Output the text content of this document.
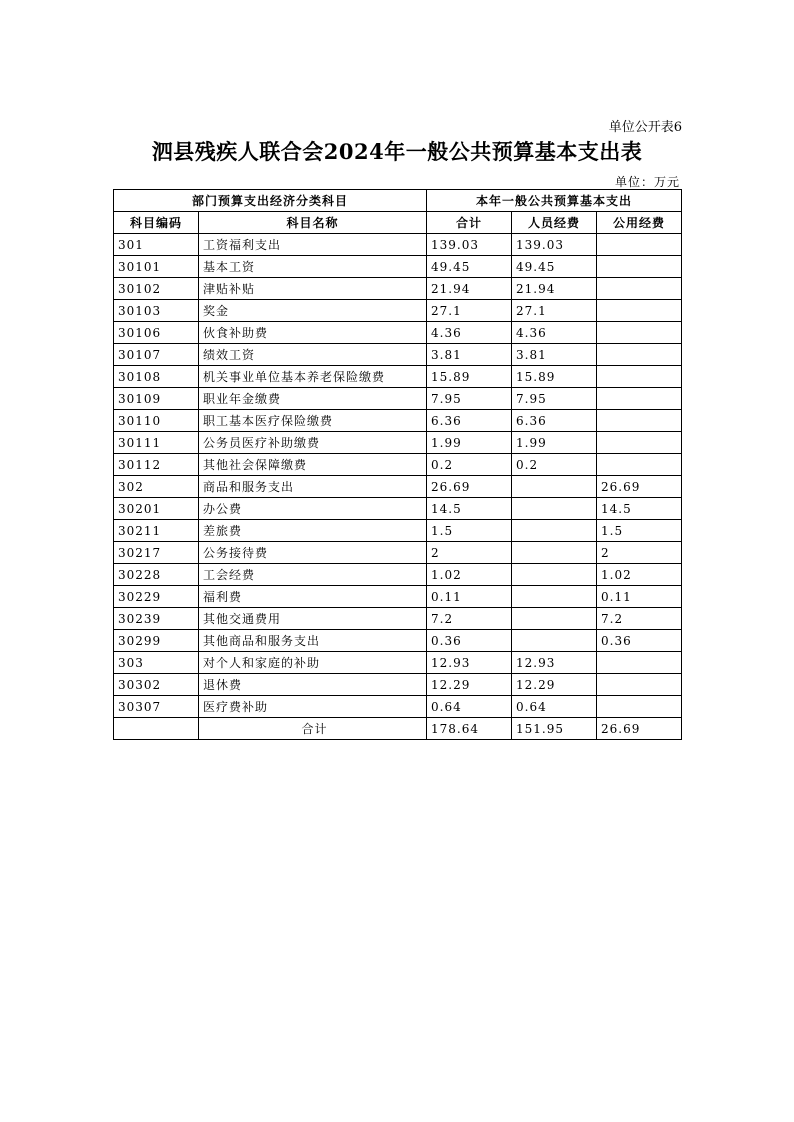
单位公开表6
泗县残疾人联合会2024年一般公共预算基本支出表
单位：万元
部门预算支出经济分类科目		本年一般公共预算基本支出		
科目编码	科目名称	合计	人员经费	公用经费
301	工资福利支出	139.03	139.03	
30101	基本工资	49.45	49.45	
30102	津贴补贴	21.94	21.94	
30103	奖金	27.1	27.1	
30106	伙食补助费	4.36	4.36	
30107	绩效工资	3.81	3.81	
30108	机关事业单位基本养老保险缴费	15.89	15.89	
30109	职业年金缴费	7.95	7.95	
30110	职工基本医疗保险缴费	6.36	6.36	
30111	公务员医疗补助缴费	1.99	1.99	
30112	其他社会保障缴费	0.2	0.2	
302	商品和服务支出	26.69		26.69
30201	办公费	14.5		14.5
30211	差旅费	1.5		1.5
30217	公务接待费	2		2
30228	工会经费	1.02		1.02
30229	福利费	0.11		0.11
30239	其他交通费用	7.2		7.2
30299	其他商品和服务支出	0.36		0.36
303	对个人和家庭的补助	12.93	12.93	
30302	退休费	12.29	12.29	
30307	医疗费补助	0.64	0.64	
	合计	178.64	151.95	26.69
